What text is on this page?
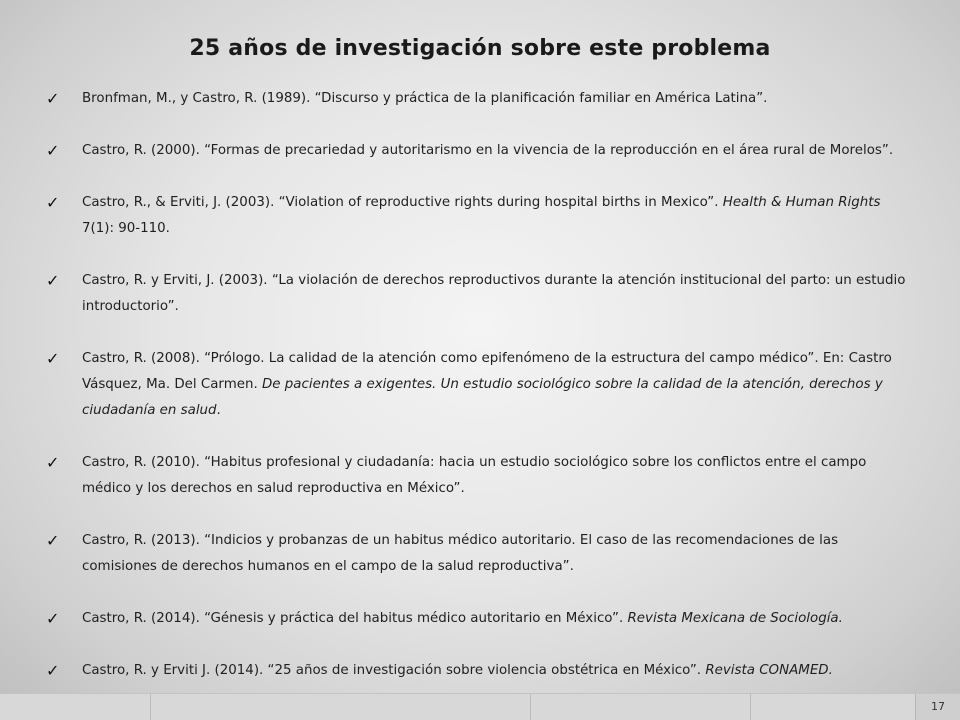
25 años de investigación sobre este problema
✓	Bronfman, M., y Castro, R. (1989). “Discurso y práctica de la planificación familiar en América Latina”.
✓	Castro, R. (2000). “Formas de precariedad y autoritarismo en la vivencia de la reproducción en el área rural de Morelos”.
✓	Castro, R., & Erviti, J. (2003). “Violation of reproductive rights during hospital births in Mexico”. Health & Human Rights 7(1): 90-110.
✓	Castro, R. y Erviti, J. (2003). “La violación de derechos reproductivos durante la atención institucional del parto: un estudio introductorio”.
✓	Castro, R. (2008). “Prólogo. La calidad de la atención como epifenómeno de la estructura del campo médico”. En: Castro Vásquez, Ma. Del Carmen. De pacientes a exigentes. Un estudio sociológico sobre la calidad de la atención, derechos y ciudadanía en salud.
✓	Castro, R. (2010). “Habitus profesional y ciudadanía: hacia un estudio sociológico sobre los conflictos entre el campo médico y los derechos en salud reproductiva en México”.
✓	Castro, R. (2013). “Indicios y probanzas de un habitus médico autoritario. El caso de las recomendaciones de las comisiones de derechos humanos en el campo de la salud reproductiva”.
✓	Castro, R. (2014). “Génesis y práctica del habitus médico autoritario en México”. Revista Mexicana de Sociología.
✓	Castro, R. y Erviti J. (2014). “25 años de investigación sobre violencia obstétrica en México”. Revista CONAMED.
17
